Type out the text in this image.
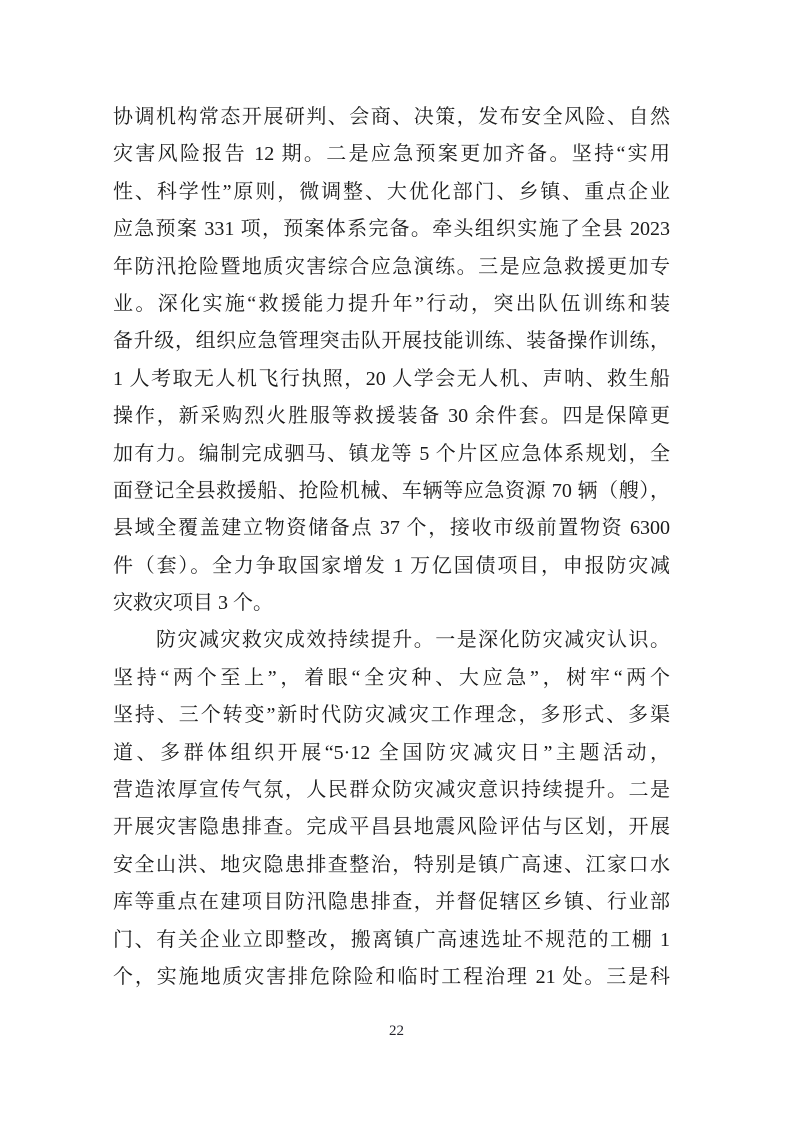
协调机构常态开展研判、会商、决策，发布安全风险、自然
灾害风险报告 12 期。二是应急预案更加齐备。坚持“实用
性、科学性”原则，微调整、大优化部门、乡镇、重点企业
应急预案 331 项，预案体系完备。牵头组织实施了全县 2023
年防汛抢险暨地质灾害综合应急演练。三是应急救援更加专
业。深化实施“救援能力提升年”行动，突出队伍训练和装
备升级，组织应急管理突击队开展技能训练、装备操作训练，
1 人考取无人机飞行执照，20 人学会无人机、声呐、救生船
操作，新采购烈火胜服等救援装备 30 余件套。四是保障更
加有力。编制完成驷马、镇龙等 5 个片区应急体系规划，全
面登记全县救援船、抢险机械、车辆等应急资源 70 辆（艘），
县域全覆盖建立物资储备点 37 个，接收市级前置物资 6300
件（套）。全力争取国家增发 1 万亿国债项目，申报防灾减
灾救灾项目 3 个。
防灾减灾救灾成效持续提升。一是深化防灾减灾认识。
坚持“两个至上”，着眼“全灾种、大应急”，树牢“两个
坚持、三个转变”新时代防灾减灾工作理念，多形式、多渠
道、多群体组织开展“5·12 全国防灾减灾日”主题活动，
营造浓厚宣传气氛，人民群众防灾减灾意识持续提升。二是
开展灾害隐患排查。完成平昌县地震风险评估与区划，开展
安全山洪、地灾隐患排查整治，特别是镇广高速、江家口水
库等重点在建项目防汛隐患排查，并督促辖区乡镇、行业部
门、有关企业立即整改，搬离镇广高速选址不规范的工棚 1
个，实施地质灾害排危除险和临时工程治理 21 处。三是科
22
